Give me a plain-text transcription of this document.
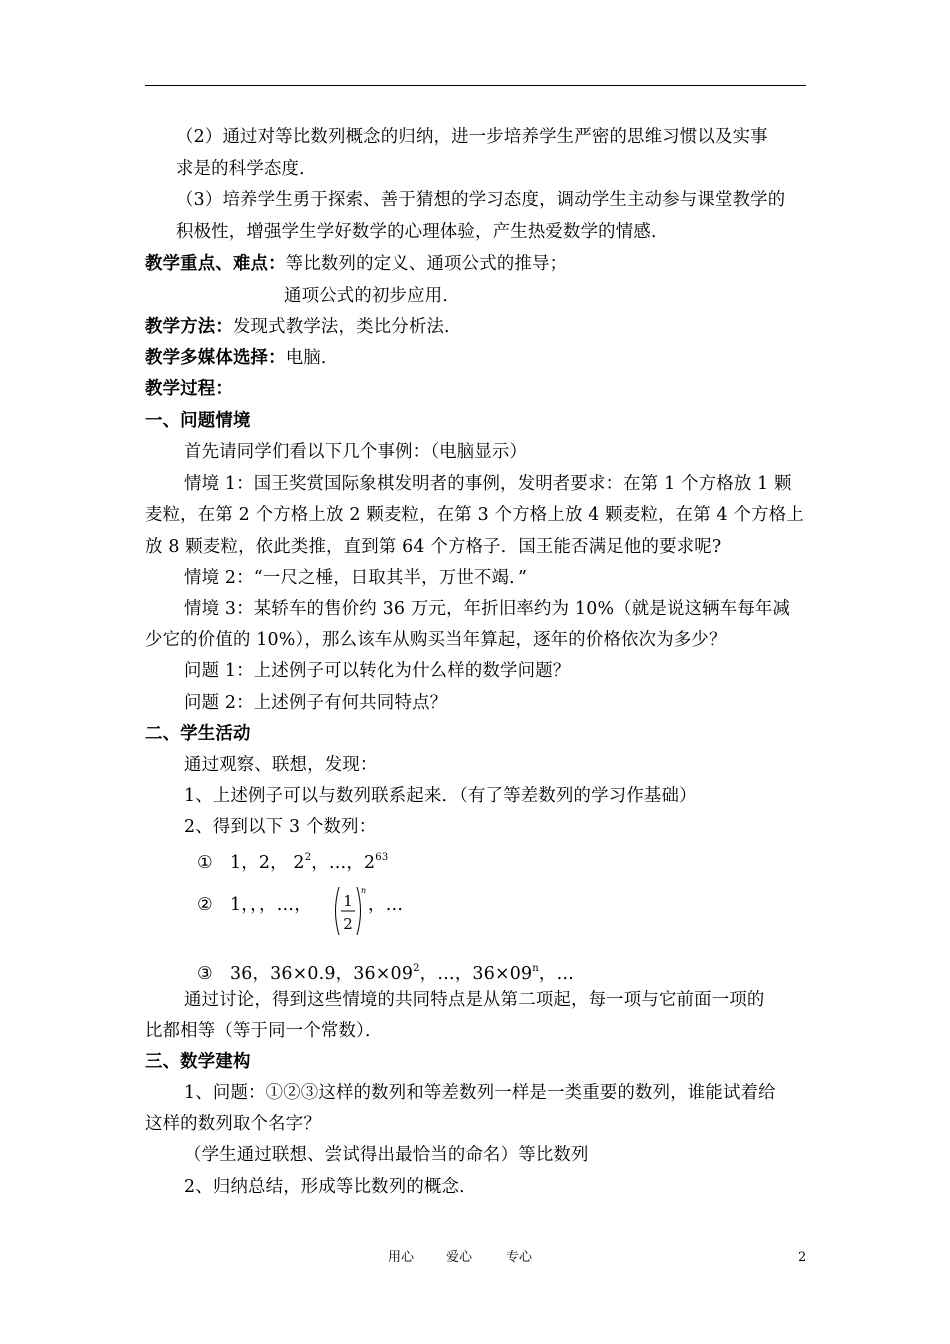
（2）通过对等比数列概念的归纳，进一步培养学生严密的思维习惯以及实事
求是的科学态度．
（3）培养学生勇于探索、善于猜想的学习态度，调动学生主动参与课堂教学的
积极性，增强学生学好数学的心理体验，产生热爱数学的情感．
教学重点、难点：等比数列的定义、通项公式的推导；
通项公式的初步应用．
教学方法：发现式教学法，类比分析法．
教学多媒体选择：电脑．
教学过程：
一、问题情境
首先请同学们看以下几个事例：（电脑显示）
情境 1：国王奖赏国际象棋发明者的事例，发明者要求：在第 1 个方格放 1 颗
麦粒，在第 2 个方格上放 2 颗麦粒，在第 3 个方格上放 4 颗麦粒，在第 4 个方格上
放 8 颗麦粒，依此类推，直到第 64 个方格子．国王能否满足他的要求呢?
情境 2：“一尺之棰，日取其半，万世不竭．”
情境 3：某轿车的售价约 36 万元，年折旧率约为 10%（就是说这辆车每年减
少它的价值的 10%），那么该车从购买当年算起，逐年的价格依次为多少？
问题 1：上述例子可以转化为什么样的数学问题？
问题 2：上述例子有何共同特点？
二、学生活动
通过观察、联想，发现：
1、上述例子可以与数列联系起来．（有了等差数列的学习作基础）
2、得到以下 3 个数列：
① 1，2， $2^2$，…，$2^{63}$
② 1，，，…， 1
2
n
，…
③ 36，36×0.9，$36\times 09^2$，…，$36\times 09^n$，…
通过讨论，得到这些情境的共同特点是从第二项起，每一项与它前面一项的
比都相等（等于同一个常数）．
三、数学建构
1、问题：①②③这样的数列和等差数列一样是一类重要的数列，谁能试着给
这样的数列取个名字？
（学生通过联想、尝试得出最恰当的命名）等比数列
2、归纳总结，形成等比数列的概念．
用心 爱心	专心	2
